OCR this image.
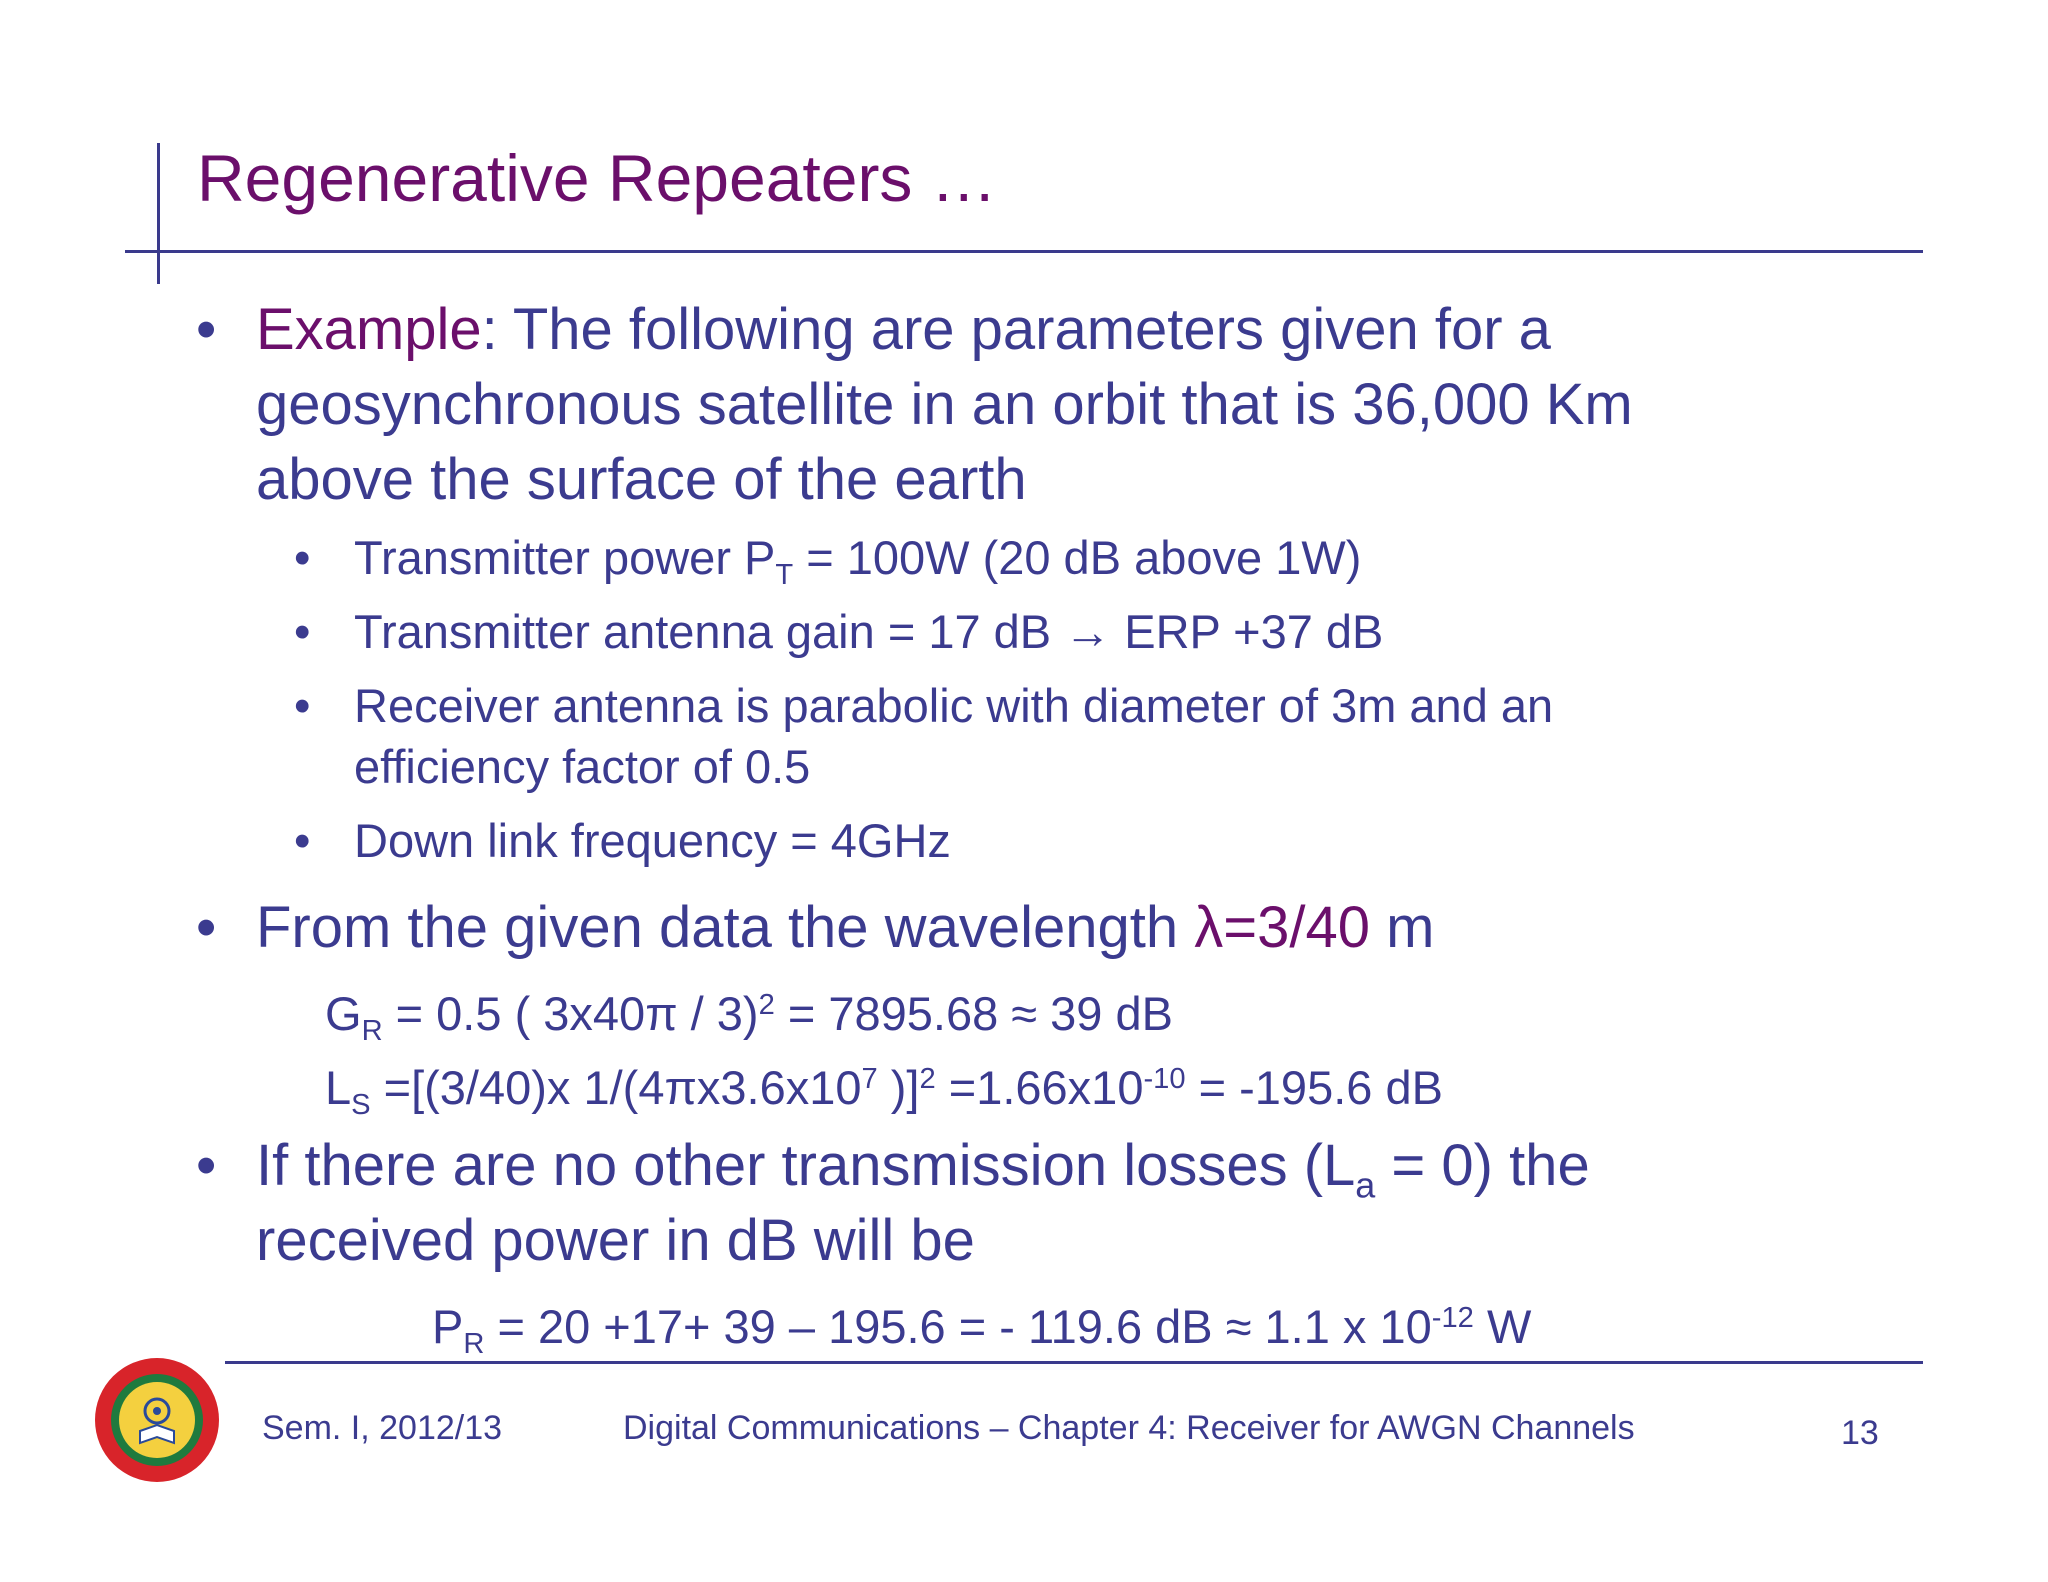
Regenerative Repeaters …
• Example: The following are parameters given for a
geosynchronous satellite in an orbit that is 36,000 Km
above the surface of the earth
• Transmitter power $P_T = 100W$ (20 dB above 1W)
• Transmitter antenna gain = 17 dB → ERP +37 dB
• Receiver antenna is parabolic with diameter of 3m and an
efficiency factor of 0.5
• Down link frequency = 4GHz
• From the given data the wavelength λ=3/40 m
$G_R = 0.5$ ( 3x40π / 3)$^2$ = 7895.68 ≈ 39 dB
$L_S =[(3/40)x$ $1/(4\pi x3.6x10^7$ )]$^2 =1.66x10^{-10} = -195.6$ dB
• If there are no other transmission losses $(L_a = 0)$ the
received power in dB will be
$P_R = 20 +17+ 39 - 195.6$ = - 119.6 dB ≈ 1.1 x $10^{-12}$ W
Sem. I, 2012/13	Digital Communications – Chapter 4: Receiver for AWGN Channels	13
